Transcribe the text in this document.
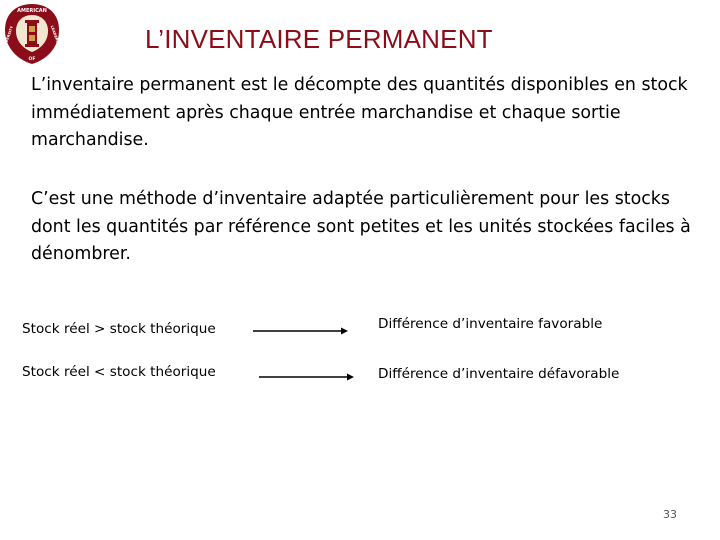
AMERICAN
OF
UNIVERSITY	LEADERSHIP	L’INVENTAIRE PERMANENT

L’inventaire permanent est le décompte des quantités disponibles en stock immédiatement après chaque entrée marchandise et chaque sortie marchandise.

C’est une méthode d’inventaire adaptée particulièrement pour les stocks dont les quantités par référence sont petites et les unités stockées faciles à dénombrer.

Stock réel > stock théorique	Différence d’inventaire favorable
Stock réel < stock théorique	Différence d’inventaire défavorable
33
